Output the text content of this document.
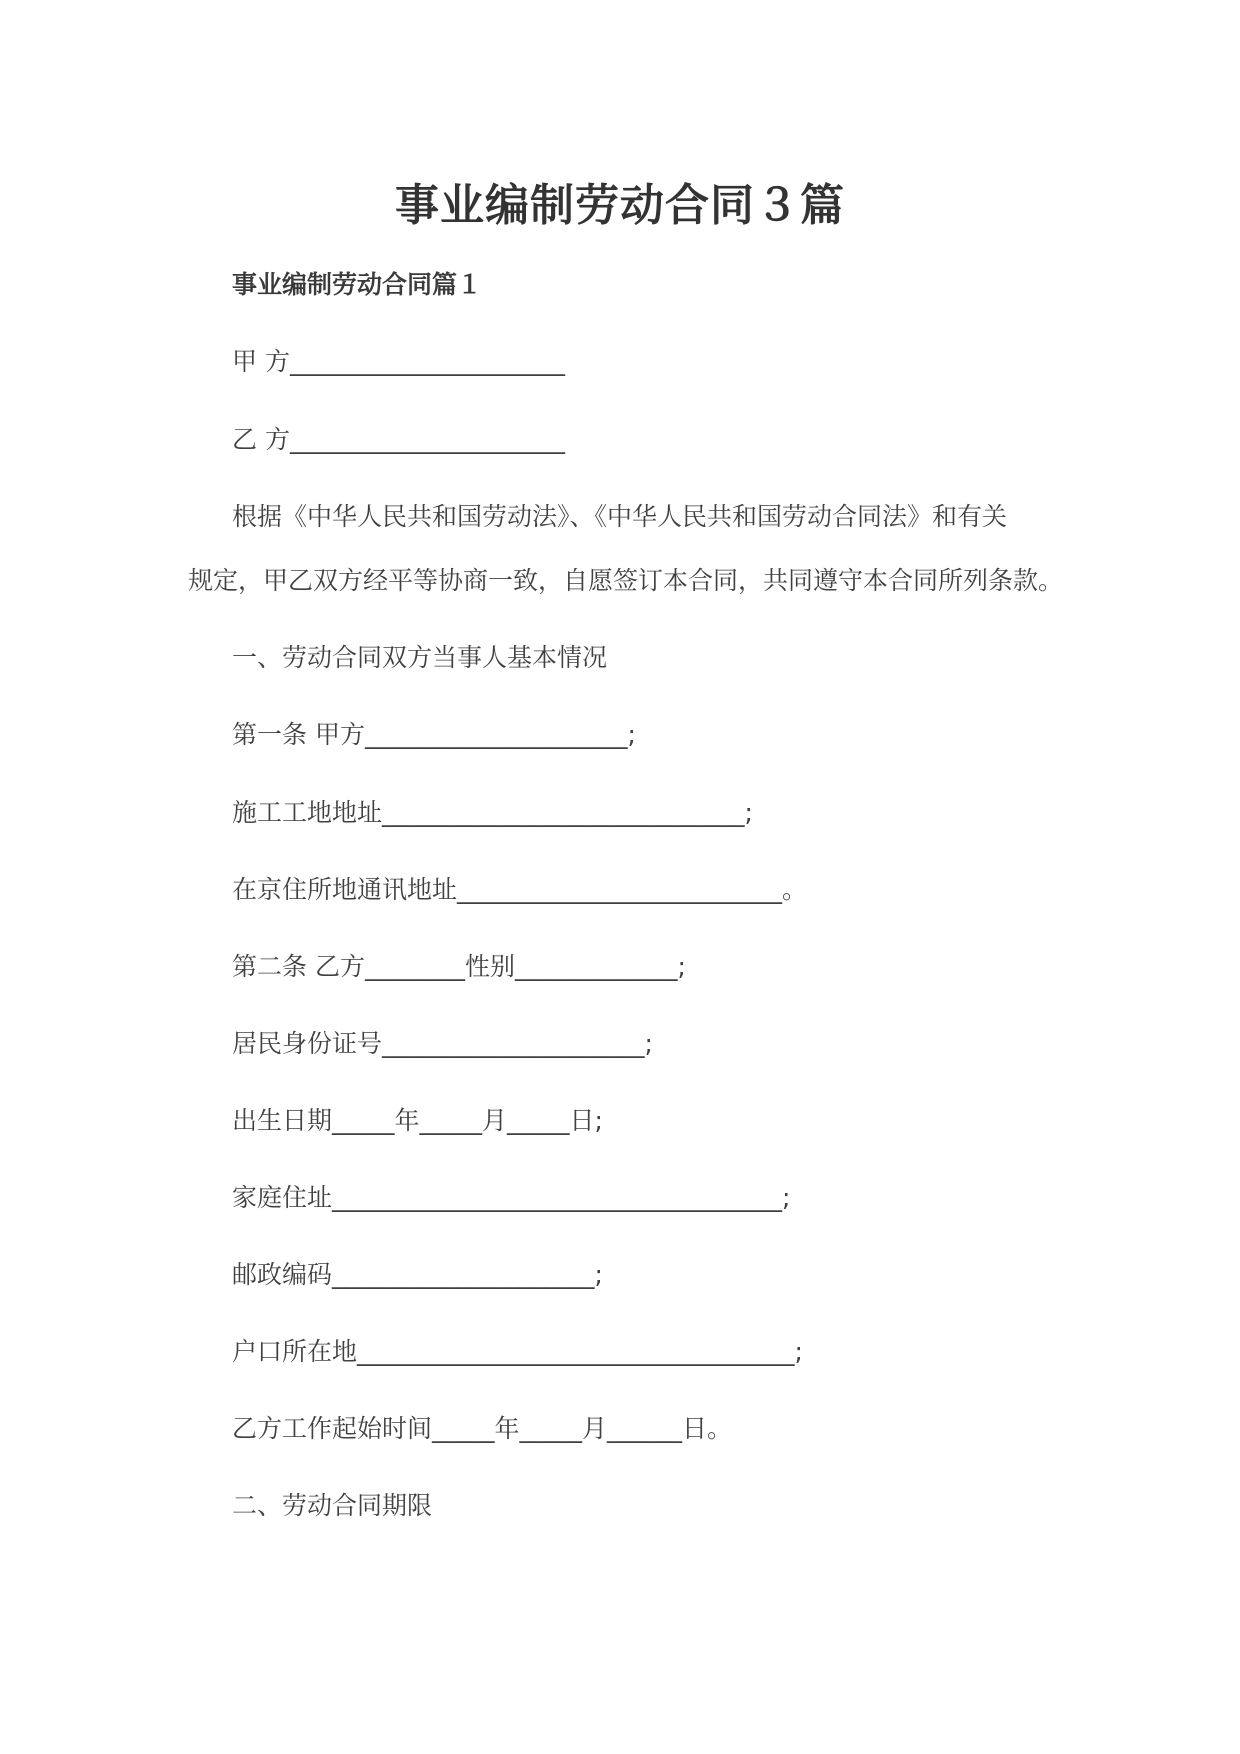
事业编制劳动合同３篇

事业编制劳动合同篇１

甲 方______________________

乙 方______________________

根据《中华人民共和国劳动法》、《中华人民共和国劳动合同法》和有关

规定，甲乙双方经平等协商一致，自愿签订本合同，共同遵守本合同所列条款。

一、劳动合同双方当事人基本情况

第一条 甲方_____________________;

施工工地地址_____________________________;

在京住所地通讯地址__________________________。

第二条 乙方________性别_____________;

居民身份证号_____________________;

出生日期_____年_____月_____日;

家庭住址____________________________________;

邮政编码_____________________;

户口所在地___________________________________;

乙方工作起始时间_____年_____月______日。

二、劳动合同期限
